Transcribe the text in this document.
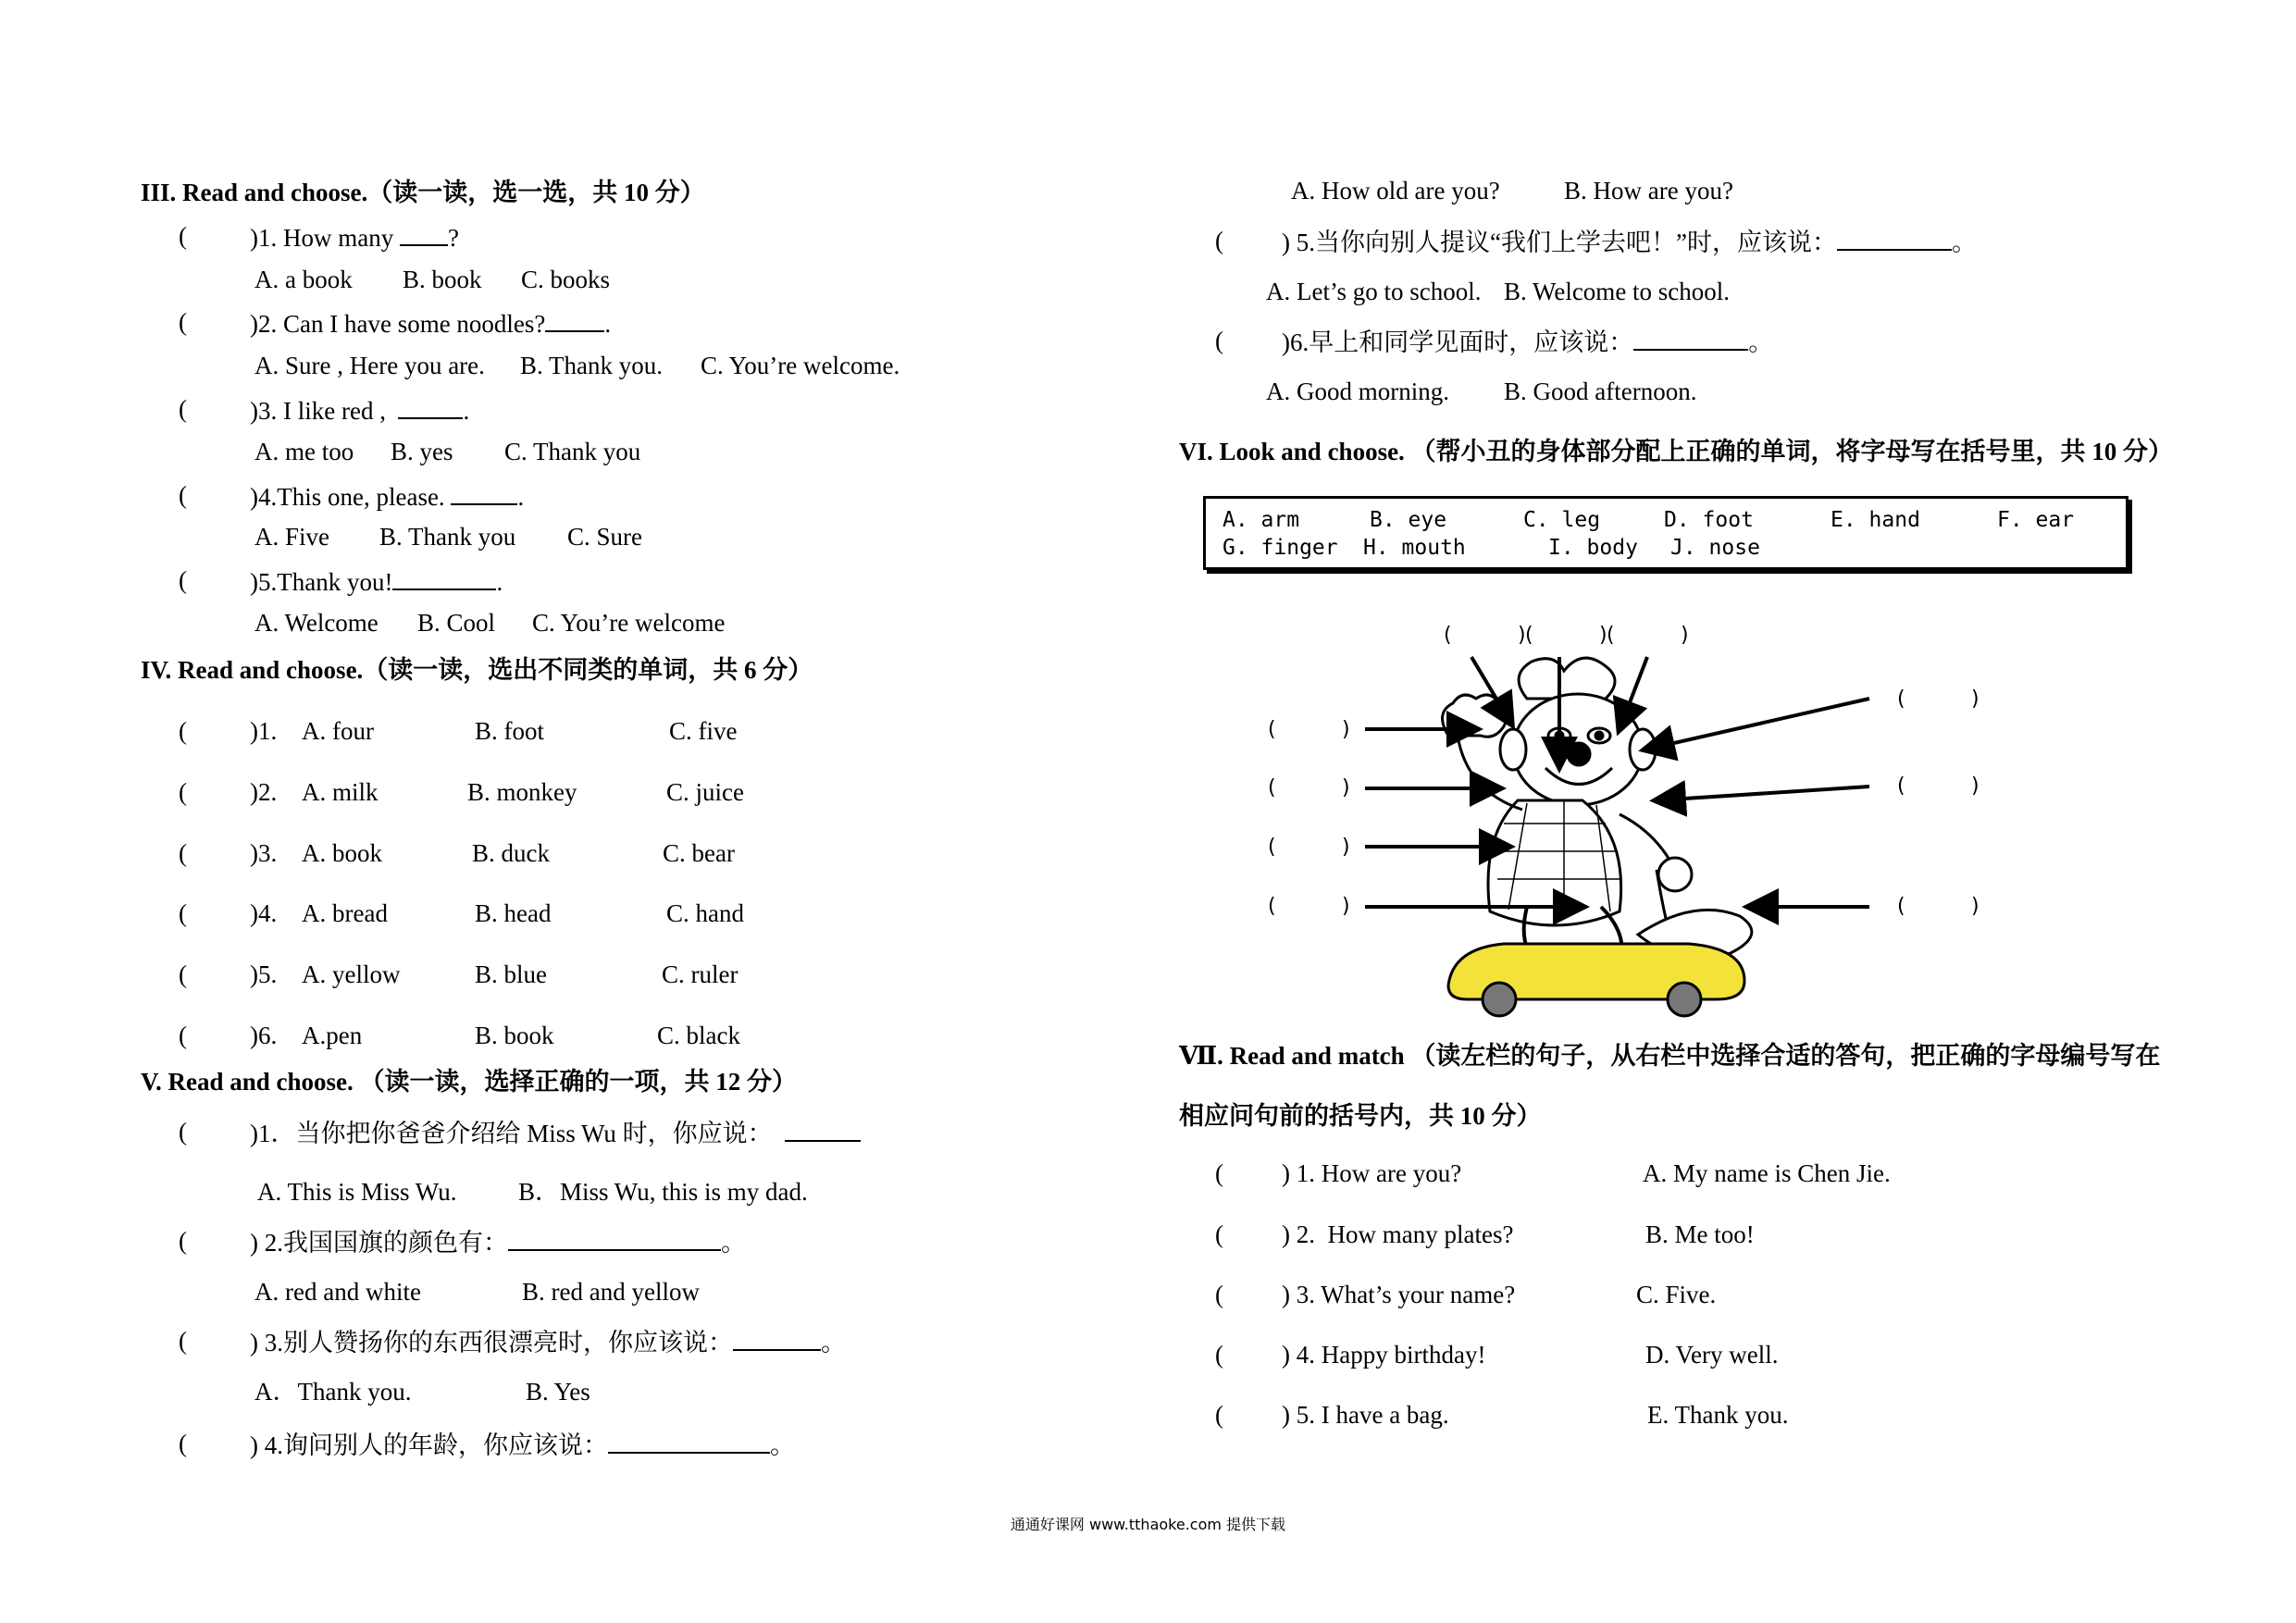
III. Read and choose.（读一读，选一选，共 10 分）
(	)1. How many ?
A. a book B. book C. books
(	)2. Can I have some noodles? .
A. Sure , Here you are. B. Thank you. C. You’re welcome.
(	)3. I like red ,	.
A. me too B. yes C. Thank you
(	)4.This one, please.	.
A. Five B. Thank you C. Sure
(	)5.Thank you!	.
A. Welcome B. Cool C. You’re welcome
IV. Read and choose.（读一读，选出不同类的单词，共 6 分）
(	)1. A. four	B. foot	C. five
(	)2. A. milk	B. monkey	C. juice
(	)3. A. book	B. duck	C. bear
(	)4. A. bread	B. head	C. hand
(	)5. A. yellow	B. blue	C. ruler
(	)6. A.pen	B. book	C. black
V. Read and choose. （读一读，选择正确的一项，共 12 分）
(	)1．当你把你爸爸介绍给 Miss Wu 时，你应说：
A. This is Miss Wu. B．Miss Wu, this is my dad.
(	) 2.我国国旗的颜色有：	。
A. red and white	B. red and yellow
(	) 3.别人赞扬你的东西很漂亮时，你应该说：	。
A．Thank you.	B. Yes
(	) 4.询问别人的年龄，你应该说：	。
A. How old are you?	B. How are you?
( ) 5.当你向别人提议“我们上学去吧！”时，应该说：	。
A. Let’s go to school. B. Welcome to school.
( )6.早上和同学见面时，应该说：	。
A. Good morning. B. Good afternoon.
VI. Look and choose. （帮小丑的身体部分配上正确的单词，将字母写在括号里，共 10 分）
A. arm	B. eye	C. leg	D. foot	E. hand	F. ear
G. finger H. mouth	I. body J. nose
(	) (	) (	)
(	)
(	)
(	)
(	)
(	)
(	)
(	)
Ⅶ. Read and match （读左栏的句子，从右栏中选择合适的答句，把正确的字母编号写在
相应问句前的括号内，共 10 分）
( ) 1. How are you?	A. My name is Chen Jie.
( ) 2.  How many plates?	B. Me too!
( ) 3. What’s your name?	C. Five.
( ) 4. Happy birthday!	D. Very well.
( ) 5. I have a bag.	E. Thank you.
通通好课网 www.tthaoke.com 提供下载
